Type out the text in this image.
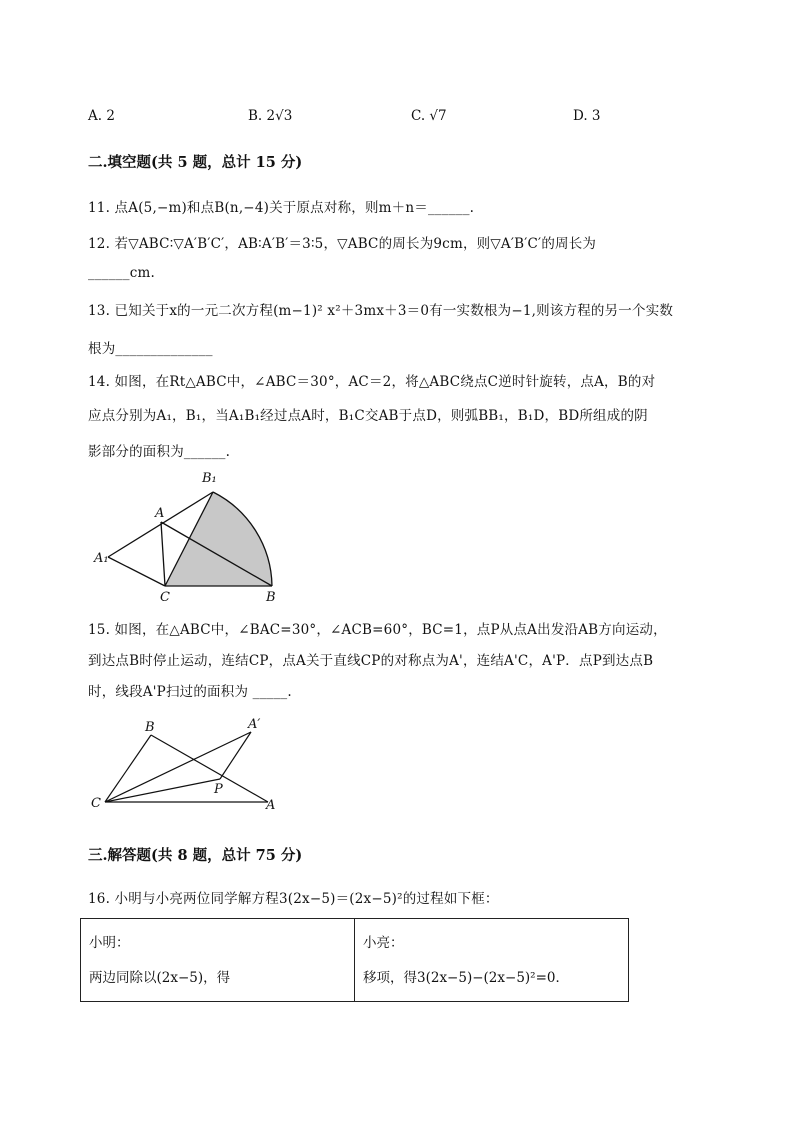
A. 2	B. 2√3	C. √7	D. 3
二.填空题(共 5 题，总计 15 分)
11. 点A(5,−m)和点B(n,−4)关于原点对称，则m＋n＝______.
12. 若▽ABC∶▽A′B′C′，AB∶A′B′＝3∶5，▽ABC的周长为9cm，则▽A′B′C′的周长为
______cm.
13. 已知关于x的一元二次方程(m−1)² x²＋3mx＋3＝0有一实数根为−1,则该方程的另一个实数
根为______________
14. 如图，在Rt△ABC中，∠ABC＝30°，AC＝2，将△ABC绕点C逆时针旋转，点A，B的对
应点分别为A₁，B₁，当A₁B₁经过点A时，B₁C交AB于点D，则弧BB₁，B₁D，BD所组成的阴
影部分的面积为______.
B₁
A
A₁
C	B
15. 如图，在△ABC中，∠BAC=30°，∠ACB=60°，BC=1，点P从点A出发沿AB方向运动，
到达点B时停止运动，连结CP，点A关于直线CP的对称点为A'，连结A'C，A'P．点P到达点B
时，线段A'P扫过的面积为 _____.
B	A′
C
P
A
三.解答题(共 8 题，总计 75 分)
16. 小明与小亮两位同学解方程3(2x−5)＝(2x−5)²的过程如下框：
小明：
两边同除以(2x−5)，得

小亮：
移项，得3(2x−5)−(2x−5)²=0．
